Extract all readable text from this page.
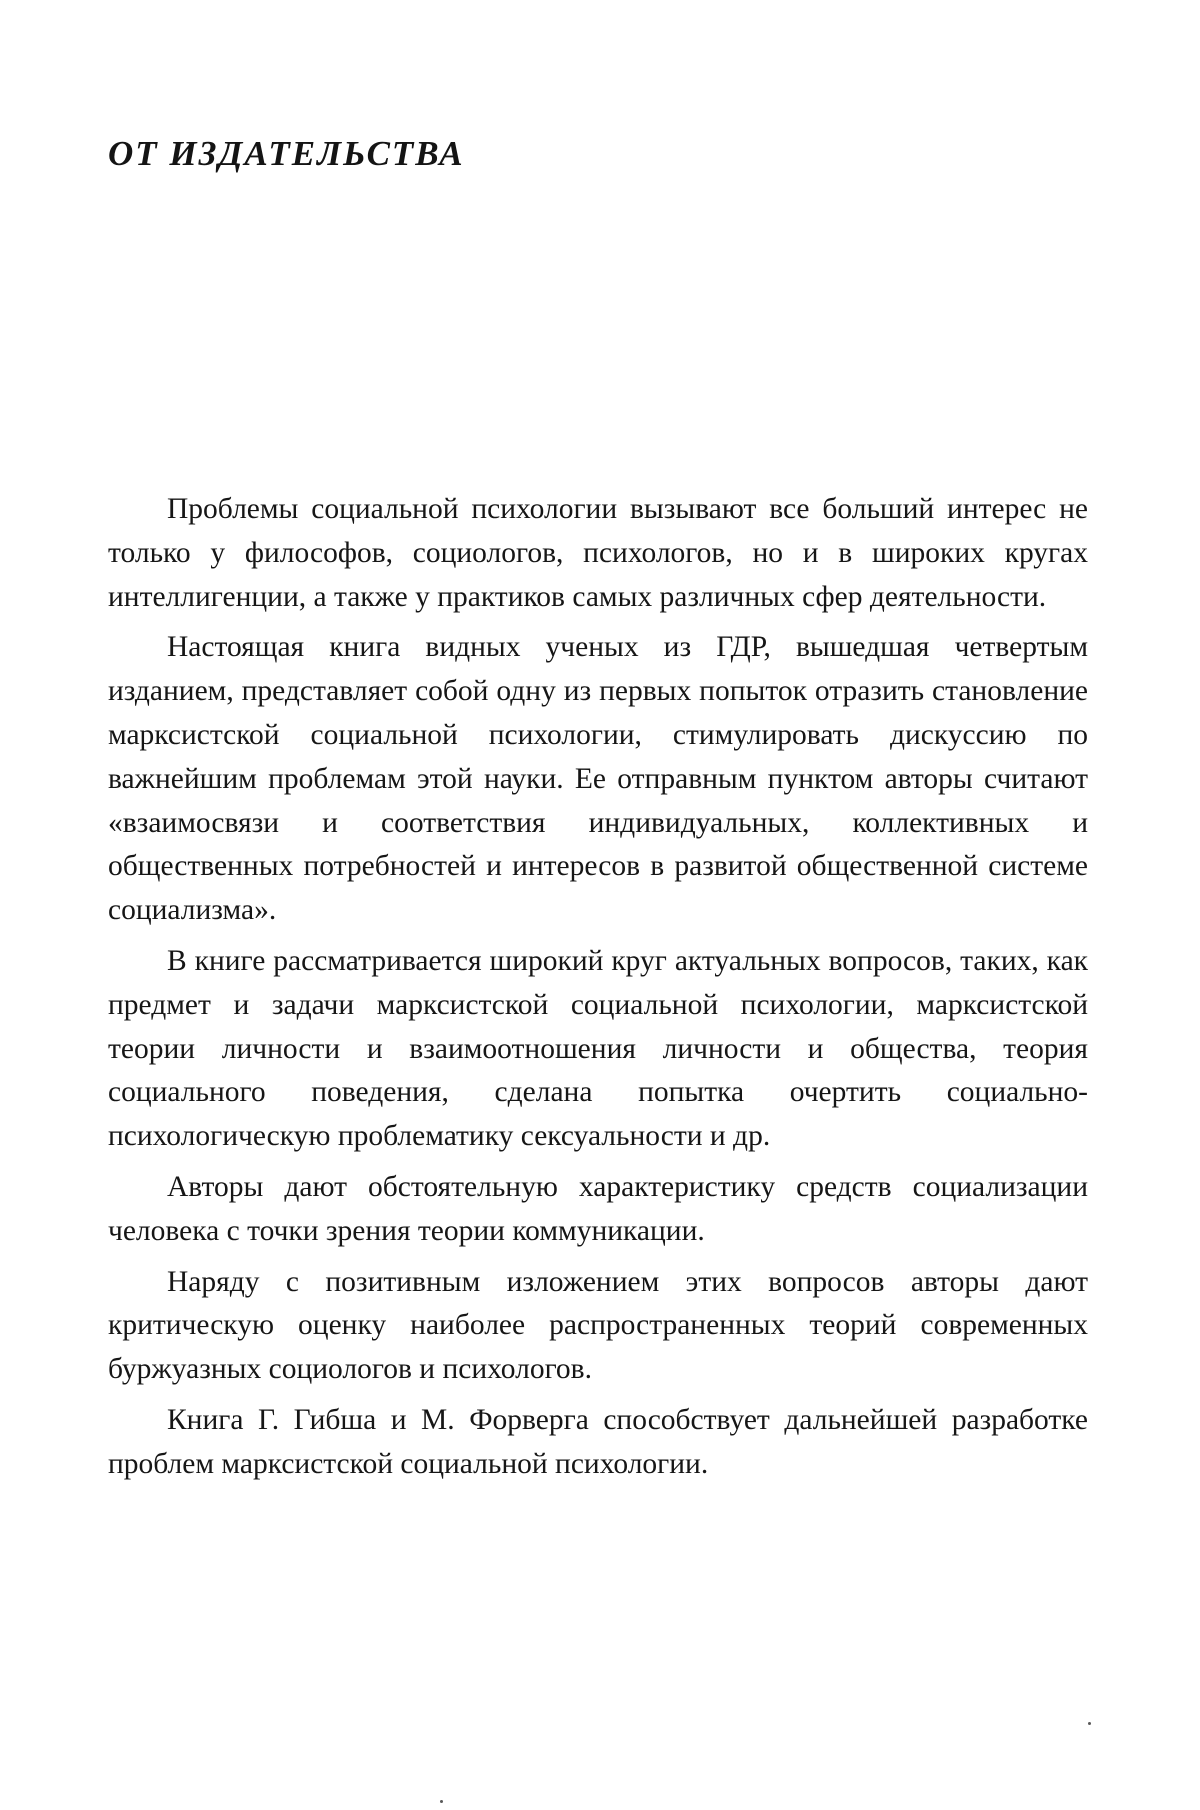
ОТ ИЗДАТЕЛЬСТВА

Проблемы социальной психологии вызывают все больший интерес не только у философов, социологов, психологов, но и в широких кругах интеллигенции, а также у практиков самых различных сфер деятельности.

Настоящая книга видных ученых из ГДР, вышедшая четвертым изданием, представляет собой одну из первых попыток отразить становление марксистской социальной психологии, стимулировать дискуссию по важнейшим проблемам этой науки. Ее отправным пунктом авторы считают «взаимосвязи и соответствия индивидуальных, коллективных и общественных потребностей и интересов в развитой общественной системе социализма».

В книге рассматривается широкий круг актуальных вопросов, таких, как предмет и задачи марксистской социальной психологии, марксистской теории личности и взаимоотношения личности и общества, теория социального поведения, сделана попытка очертить социально-психологическую проблематику сексуальности и др.

Авторы дают обстоятельную характеристику средств социализации человека с точки зрения теории коммуникации.

Наряду с позитивным изложением этих вопросов авторы дают критическую оценку наиболее распространенных теорий современных буржуазных социологов и психологов.

Книга Г. Гибша и М. Форверга способствует дальнейшей разработке проблем марксистской социальной психологии.
